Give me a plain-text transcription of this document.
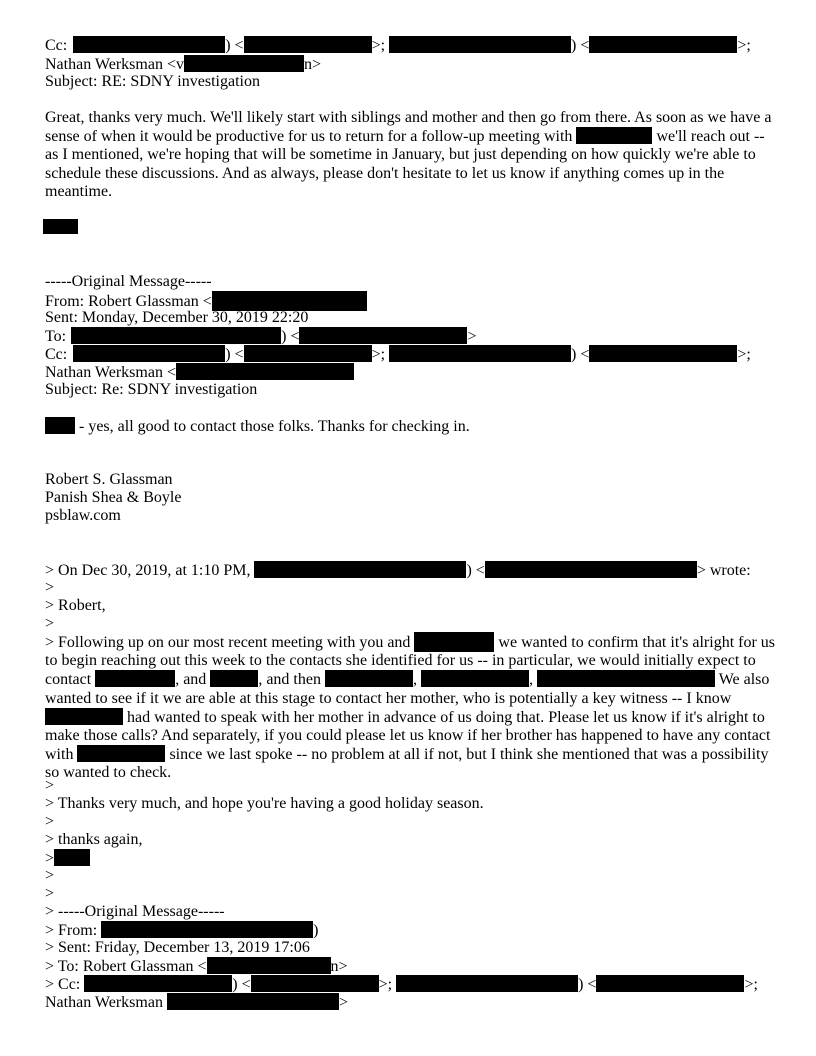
Cc:	) <	>;	) <	>;
Nathan Werksman <v	n>
Subject: RE: SDNY investigation
Great, thanks very much. We'll likely start with siblings and mother and then go from there. As soon as we have a sense of when it would be productive for us to return for a follow-up meeting with	we'll reach out -- as I mentioned, we're hoping that will be sometime in January, but just depending on how quickly we're able to schedule these discussions. And as always, please don't hesitate to let us know if anything comes up in the meantime.
-----Original Message-----
From: Robert Glassman <
Sent: Monday, December 30, 2019 22:20
To:	) <	>
Cc:	) <	>;	) <	>;
Nathan Werksman <
Subject: Re: SDNY investigation
- yes, all good to contact those folks. Thanks for checking in.
Robert S. Glassman
Panish Shea & Boyle
psblaw.com
> On Dec 30, 2019, at 1:10 PM,	) <	> wrote:
>
> Robert,
>
> Following up on our most recent meeting with you and	we wanted to confirm that it's alright for us to begin reaching out this week to the contacts she identified for us -- in particular, we would initially expect to contact	, and	, and then	,	,	We also wanted to see if it we are able at this stage to contact her mother, who is potentially a key witness -- I know  had wanted to speak with her mother in advance of us doing that. Please let us know if it's alright to make those calls? And separately, if you could please let us know if her brother has happened to have any contact with	since we last spoke -- no problem at all if not, but I think she mentioned that was a possibility so wanted to check.
>
> Thanks very much, and hope you're having a good holiday season.
>
> thanks again,
>
>
>
> -----Original Message-----
> From:	)
> Sent: Friday, December 13, 2019 17:06
> To: Robert Glassman <	n>
> Cc:	) <	>;	) <	>;
Nathan Werksman	>
